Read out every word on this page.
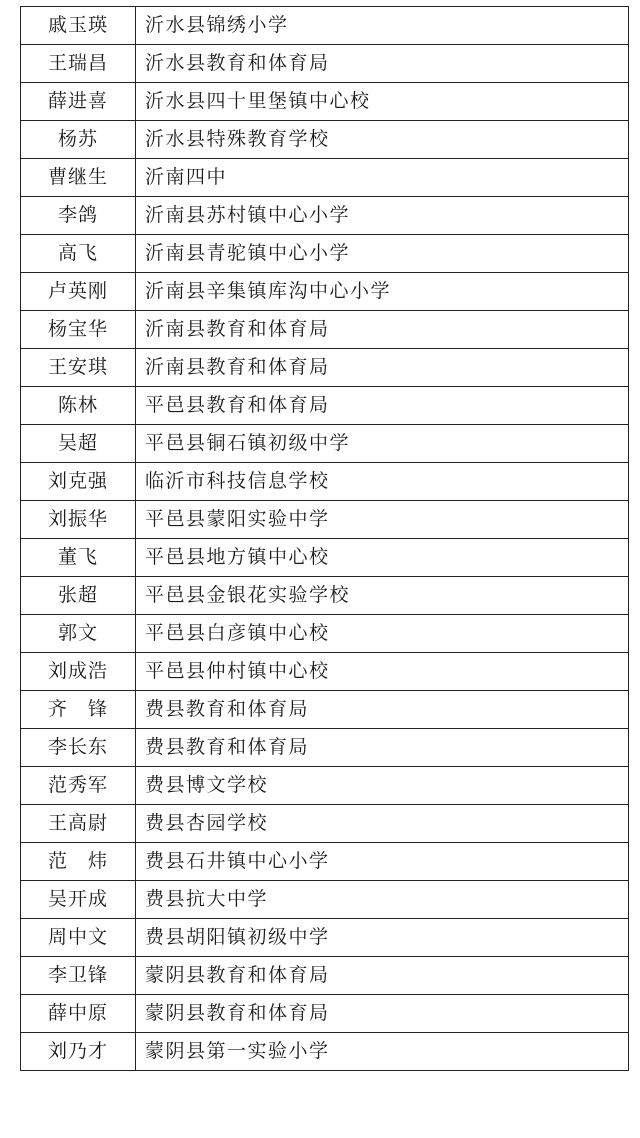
戚玉瑛	沂水县锦绣小学
王瑞昌	沂水县教育和体育局
薛进喜	沂水县四十里堡镇中心校
杨苏	沂水县特殊教育学校
曹继生	沂南四中
李鸽	沂南县苏村镇中心小学
高飞	沂南县青驼镇中心小学
卢英刚	沂南县辛集镇库沟中心小学
杨宝华	沂南县教育和体育局
王安琪	沂南县教育和体育局
陈林	平邑县教育和体育局
吴超	平邑县铜石镇初级中学
刘克强	临沂市科技信息学校
刘振华	平邑县蒙阳实验中学
董飞	平邑县地方镇中心校
张超	平邑县金银花实验学校
郭文	平邑县白彦镇中心校
刘成浩	平邑县仲村镇中心校
齐　锋	费县教育和体育局
李长东	费县教育和体育局
范秀军	费县博文学校
王高尉	费县杏园学校
范　炜	费县石井镇中心小学
吴开成	费县抗大中学
周中文	费县胡阳镇初级中学
李卫锋	蒙阴县教育和体育局
薛中原	蒙阴县教育和体育局
刘乃才	蒙阴县第一实验小学
